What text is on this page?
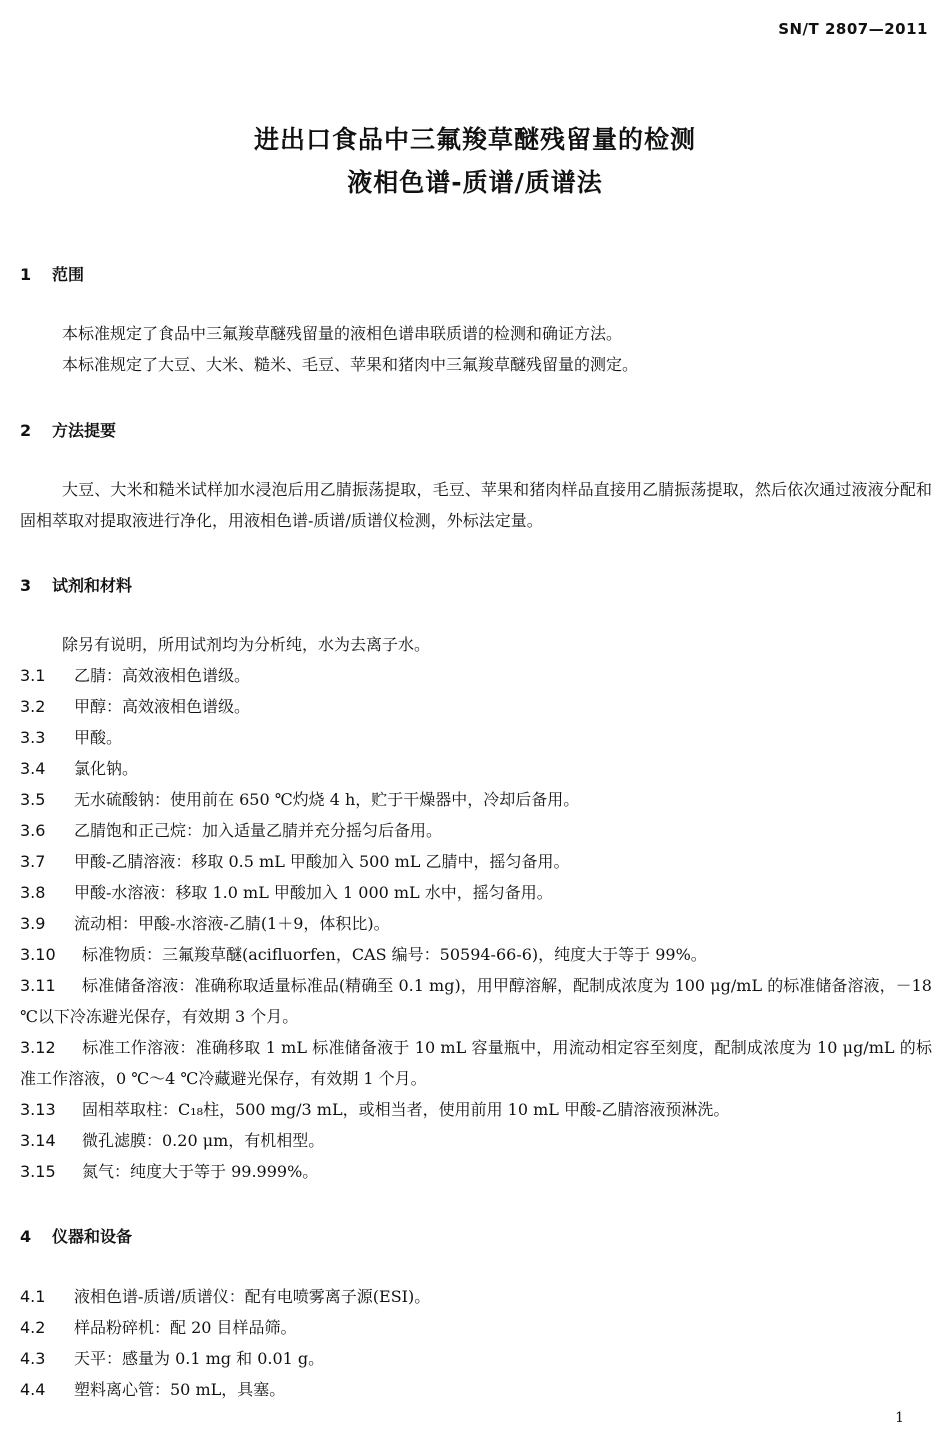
SN/T 2807—2011
进出口食品中三氟羧草醚残留量的检测
液相色谱-质谱/质谱法
1 范围
本标准规定了食品中三氟羧草醚残留量的液相色谱串联质谱的检测和确证方法。
本标准规定了大豆、大米、糙米、毛豆、苹果和猪肉中三氟羧草醚残留量的测定。
2 方法提要
大豆、大米和糙米试样加水浸泡后用乙腈振荡提取，毛豆、苹果和猪肉样品直接用乙腈振荡提取，然后依次通过液液分配和固相萃取对提取液进行净化，用液相色谱-质谱/质谱仪检测，外标法定量。
3 试剂和材料
除另有说明，所用试剂均为分析纯，水为去离子水。
3.1 乙腈：高效液相色谱级。
3.2 甲醇：高效液相色谱级。
3.3 甲酸。
3.4 氯化钠。
3.5 无水硫酸钠：使用前在 650 ℃灼烧 4 h，贮于干燥器中，冷却后备用。
3.6 乙腈饱和正己烷：加入适量乙腈并充分摇匀后备用。
3.7 甲酸-乙腈溶液：移取 0.5 mL 甲酸加入 500 mL 乙腈中，摇匀备用。
3.8 甲酸-水溶液：移取 1.0 mL 甲酸加入 1 000 mL 水中，摇匀备用。
3.9 流动相：甲酸-水溶液-乙腈(1＋9，体积比)。
3.10 标准物质：三氟羧草醚(acifluorfen，CAS 编号：50594-66-6)，纯度大于等于 99%。
3.11 标准储备溶液：准确称取适量标准品(精确至 0.1 mg)，用甲醇溶解，配制成浓度为 100 μg/mL 的标准储备溶液，－18 ℃以下冷冻避光保存，有效期 3 个月。
3.12 标准工作溶液：准确移取 1 mL 标准储备液于 10 mL 容量瓶中，用流动相定容至刻度，配制成浓度为 10 μg/mL 的标准工作溶液，0 ℃～4 ℃冷藏避光保存，有效期 1 个月。
3.13 固相萃取柱：C₁₈柱，500 mg/3 mL，或相当者，使用前用 10 mL 甲酸-乙腈溶液预淋洗。
3.14 微孔滤膜：0.20 μm，有机相型。
3.15 氮气：纯度大于等于 99.999%。
4 仪器和设备
4.1 液相色谱-质谱/质谱仪：配有电喷雾离子源(ESI)。
4.2 样品粉碎机：配 20 目样品筛。
4.3 天平：感量为 0.1 mg 和 0.01 g。
4.4 塑料离心管：50 mL，具塞。
1
